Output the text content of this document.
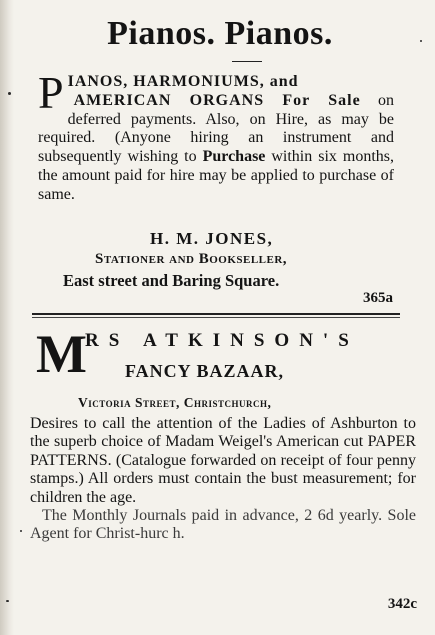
Pianos. Pianos.
P IANOS, HARMONIUMS, and
AMERICAN ORGANS For Sale on deferred payments. Also, on Hire, as may be required. (Anyone hiring an instrument and subsequently wishing to Purchase within six months, the amount paid for hire may be applied to purchase of same.
H. M. JONES,
Stationer and Bookseller,
East street and Baring Square.
365a
M
RS ATKINSON'S
FANCY BAZAAR,
Victoria Street, Christchurch,
Desires to call the attention of the Ladies of Ashburton to the superb choice of Madam Weigel's American cut PAPER PATTERNS. (Catalogue forwarded on receipt of four penny stamps.) All orders must contain the bust measurement; for children the age.
The Monthly Journals paid in advance, 2 6d yearly. Sole Agent for Christ-hurc h.
342c
